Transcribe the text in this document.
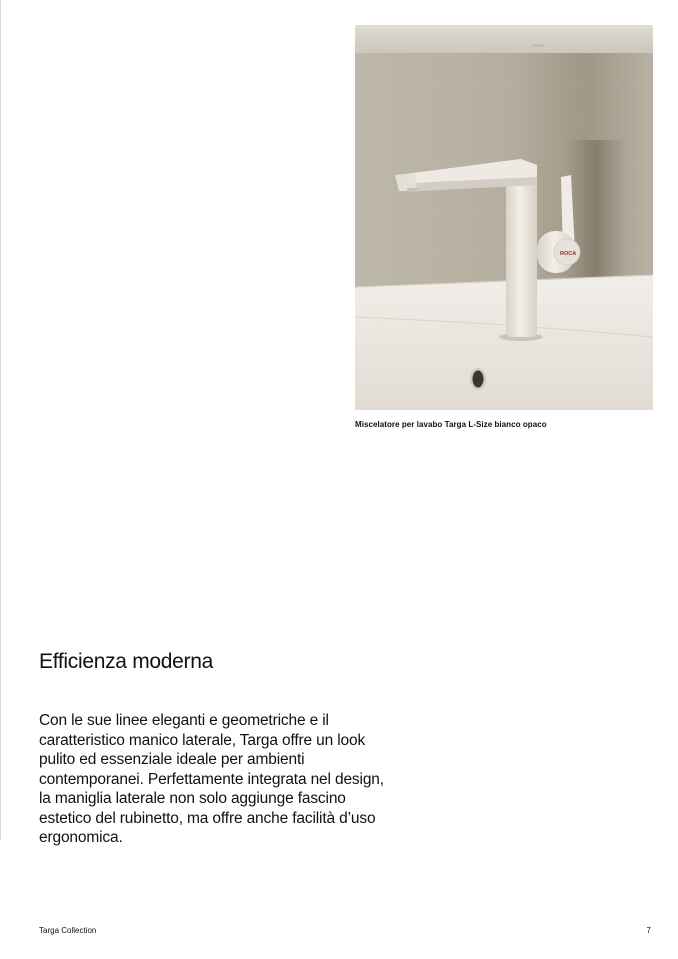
ROCA
ROCA
Miscelatore per lavabo Targa L-Size bianco opaco
Efficienza moderna

Con le sue linee eleganti e geometriche e il caratteristico manico laterale, Targa offre un look pulito ed essenziale ideale per ambienti contemporanei. Perfettamente integrata nel design, la maniglia laterale non solo aggiunge fascino estetico del rubinetto, ma offre anche facilità d’uso ergonomica.

Targa Collection	7
